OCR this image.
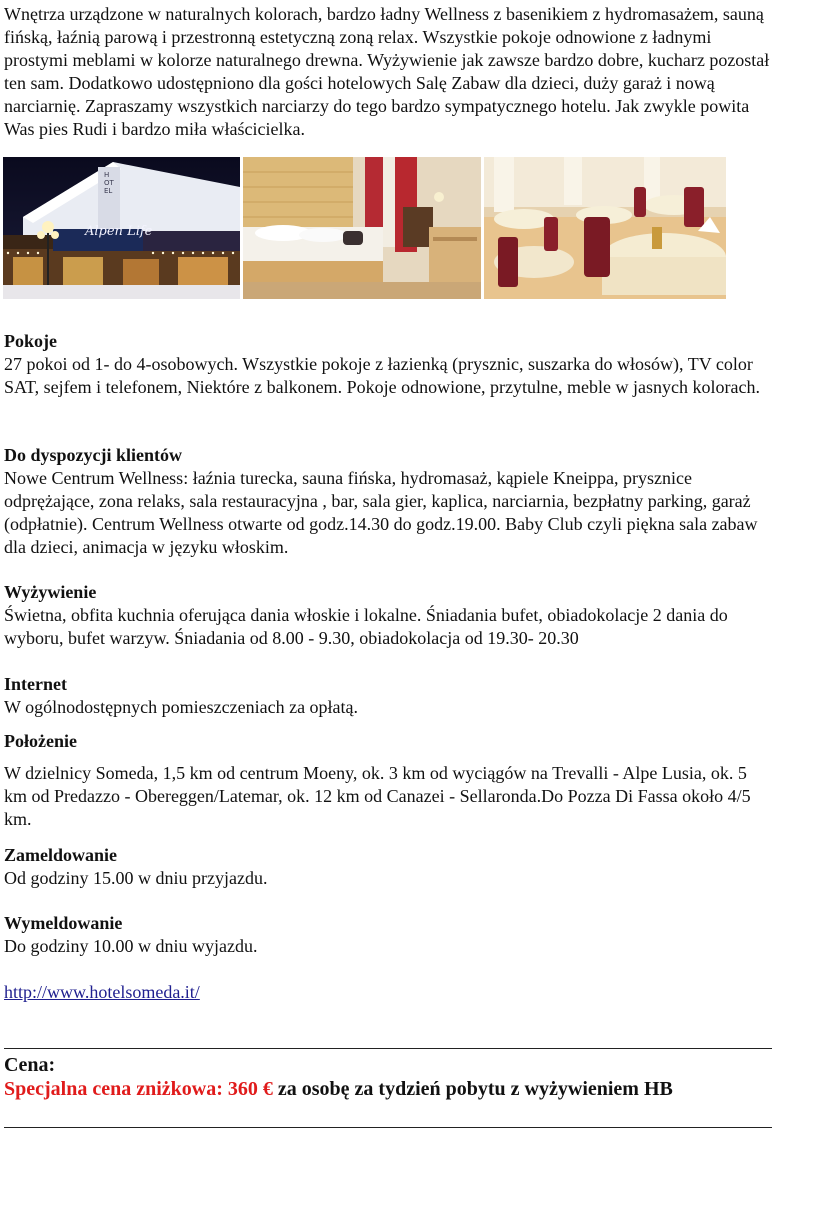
Wnętrza urządzone w naturalnych kolorach, bardzo ładny Wellness z basenikiem z hydromasażem, sauną fińską, łaźnią parową i przestronną estetyczną zoną relax. Wszystkie pokoje odnowione z ładnymi prostymi meblami w kolorze naturalnego drewna. Wyżywienie jak zawsze bardzo dobre, kucharz pozostał ten sam. Dodatkowo udostępniono dla gości hotelowych Salę Zabaw dla dzieci, duży garaż i nową narciarnię. Zapraszamy wszystkich narciarzy do tego bardzo sympatycznego hotelu. Jak zwykle powita Was pies Rudi i bardzo miła właścicielka.

Alpen Life
HOTEL
Pokoje

27 pokoi od 1- do 4-osobowych. Wszystkie pokoje z łazienką (prysznic, suszarka do włosów), TV color SAT, sejfem i telefonem, Niektóre z balkonem. Pokoje odnowione, przytulne, meble w jasnych kolorach.

Do dyspozycji klientów

Nowe Centrum Wellness: łaźnia turecka, sauna fińska, hydromasaż, kąpiele Kneippa, prysznice odprężające, zona relaks, sala restauracyjna , bar, sala gier, kaplica, narciarnia, bezpłatny parking, garaż (odpłatnie). Centrum Wellness otwarte od godz.14.30 do godz.19.00. Baby Club czyli piękna sala zabaw dla dzieci, animacja w języku włoskim.

Wyżywienie

Świetna, obfita kuchnia oferująca dania włoskie i lokalne. Śniadania bufet, obiadokolacje 2 dania do wyboru, bufet warzyw. Śniadania od 8.00 - 9.30, obiadokolacja od 19.30- 20.30

Internet

W ogólnodostępnych pomieszczeniach za opłatą.

Położenie

W dzielnicy Someda, 1,5 km od centrum Moeny, ok. 3 km od wyciągów na Trevalli - Alpe Lusia, ok. 5 km od Predazzo - Obereggen/Latemar, ok. 12 km od Canazei - Sellaronda.Do Pozza Di Fassa około 4/5 km.

Zameldowanie

Od godziny 15.00 w dniu przyjazdu.

Wymeldowanie

Do godziny 10.00 w dniu wyjazdu.

http://www.hotelsomeda.it/
Cena:
Specjalna cena zniżkowa: 360 € za osobę za tydzień pobytu z wyżywieniem HB
